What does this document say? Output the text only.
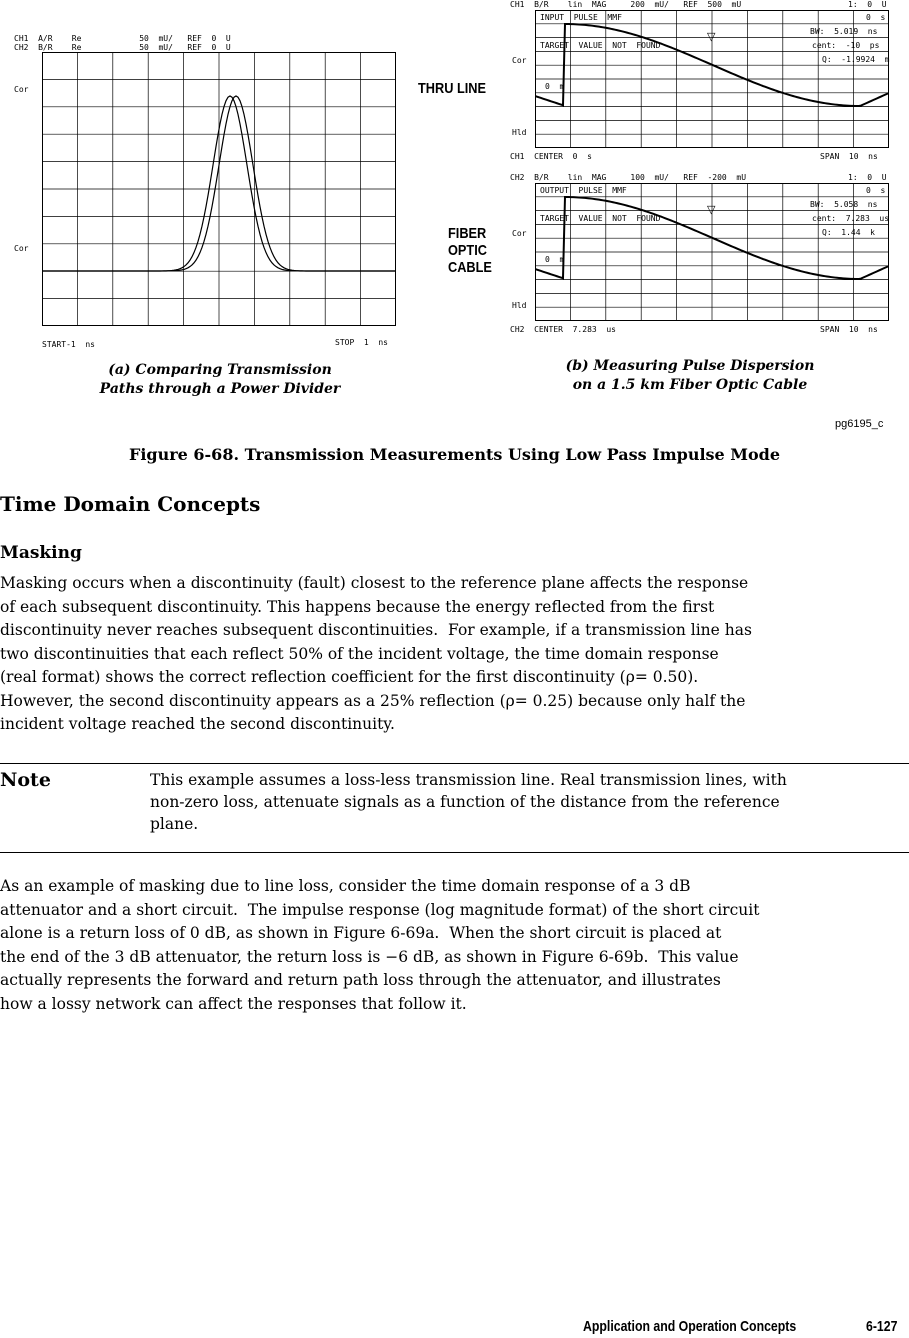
CH1  A/R    Re            50  mU/   REF  0  U
CH2  B/R    Re            50  mU/   REF  0  U
Cor
Cor
START-1  ns	STOP  1  ns
(a) Comparing Transmission
Paths through a Power Divider
THRU LINE
FIBER
OPTIC
CABLE
CH1  B/R    lin  MAG     200  mU/   REF  500  mU	1:  0  U
Cor
Hld
CH1  CENTER  0  s	SPAN  10  ns
▽
INPUT  PULSE  MMF	0  s
BW:  5.019  ns
TARGET  VALUE  NOT  FOUND	cent:  -10  ps
Q:  -1.9924  m
0  m
CH2  B/R    lin  MAG     100  mU/   REF  -200  mU	1:  0  U
Cor
Hld
CH2  CENTER  7.283  us	SPAN  10  ns
▽
OUTPUT  PULSE  MMF	0  s
BW:  5.058  ns
TARGET  VALUE  NOT  FOUND	cent:  7.283  us
Q:  1.44  k
0  m
(b) Measuring Pulse Dispersion
on a 1.5 km Fiber Optic Cable
pg6195_c
Figure 6-68. Transmission Measurements Using Low Pass Impulse Mode
Time Domain Concepts
Masking
Masking occurs when a discontinuity (fault) closest to the reference plane affects the response
of each subsequent discontinuity. This happens because the energy reflected from the first
discontinuity never reaches subsequent discontinuities.  For example, if a transmission line has
two discontinuities that each reflect 50% of the incident voltage, the time domain response
(real format) shows the correct reflection coefficient for the first discontinuity (ρ= 0.50).
However, the second discontinuity appears as a 25% reflection (ρ= 0.25) because only half the
incident voltage reached the second discontinuity.
Note	This example assumes a loss-less transmission line. Real transmission lines, with
non-zero loss, attenuate signals as a function of the distance from the reference
plane.
As an example of masking due to line loss, consider the time domain response of a 3 dB
attenuator and a short circuit.  The impulse response (log magnitude format) of the short circuit
alone is a return loss of 0 dB, as shown in Figure 6-69a.  When the short circuit is placed at
the end of the 3 dB attenuator, the return loss is −6 dB, as shown in Figure 6-69b.  This value
actually represents the forward and return path loss through the attenuator, and illustrates
how a lossy network can affect the responses that follow it.
Application and Operation Concepts	6-127
